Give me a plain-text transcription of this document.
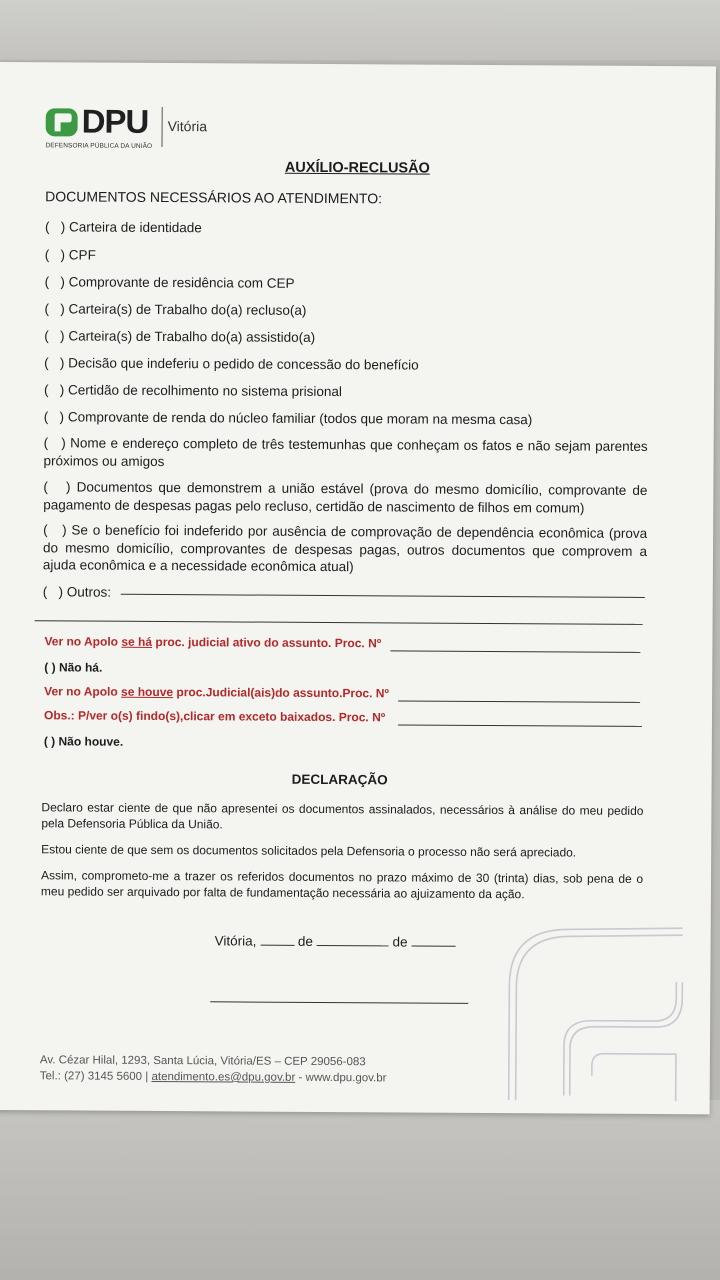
DPU
DEFENSORIA PÚBLICA DA UNIÃO
Vitória
AUXÍLIO-RECLUSÃO
DOCUMENTOS NECESSÁRIOS AO ATENDIMENTO:
(   ) Carteira de identidade
(   ) CPF
(   ) Comprovante de residência com CEP
(   ) Carteira(s) de Trabalho do(a) recluso(a)
(   ) Carteira(s) de Trabalho do(a) assistido(a)
(   ) Decisão que indeferiu o pedido de concessão do benefício
(   ) Certidão de recolhimento no sistema prisional
(   ) Comprovante de renda do núcleo familiar (todos que moram na mesma casa)
(   ) Nome e endereço completo de três testemunhas que conheçam os fatos e não sejam parentes próximos ou amigos
(   ) Documentos que demonstrem a união estável (prova do mesmo domicílio, comprovante de pagamento de despesas pagas pelo recluso, certidão de nascimento de filhos em comum)
(   ) Se o benefício foi indeferido por ausência de comprovação de dependência econômica (prova do mesmo domicílio, comprovantes de despesas pagas, outros documentos que comprovem a ajuda econômica e a necessidade econômica atual)
(   ) Outros:
Ver no Apolo se há proc. judicial ativo do assunto. Proc. Nº
( ) Não há.
Ver no Apolo se houve proc.Judicial(ais)do assunto.Proc. Nº
Obs.: P/ver o(s) findo(s),clicar em exceto baixados. Proc. Nº
( ) Não houve.
DECLARAÇÃO
Declaro estar ciente de que não apresentei os documentos assinalados, necessários à análise do meu pedido pela Defensoria Pública da União.
Estou ciente de que sem os documentos solicitados pela Defensoria o processo não será apreciado.
Assim, comprometo-me a trazer os referidos documentos no prazo máximo de 30 (trinta) dias, sob pena de o meu pedido ser arquivado por falta de fundamentação necessária ao ajuizamento da ação.
Vitória,	de	de
Av. Cézar Hilal, 1293, Santa Lúcia, Vitória/ES – CEP 29056-083
Tel.: (27) 3145 5600 | atendimento.es@dpu.gov.br - www.dpu.gov.br
